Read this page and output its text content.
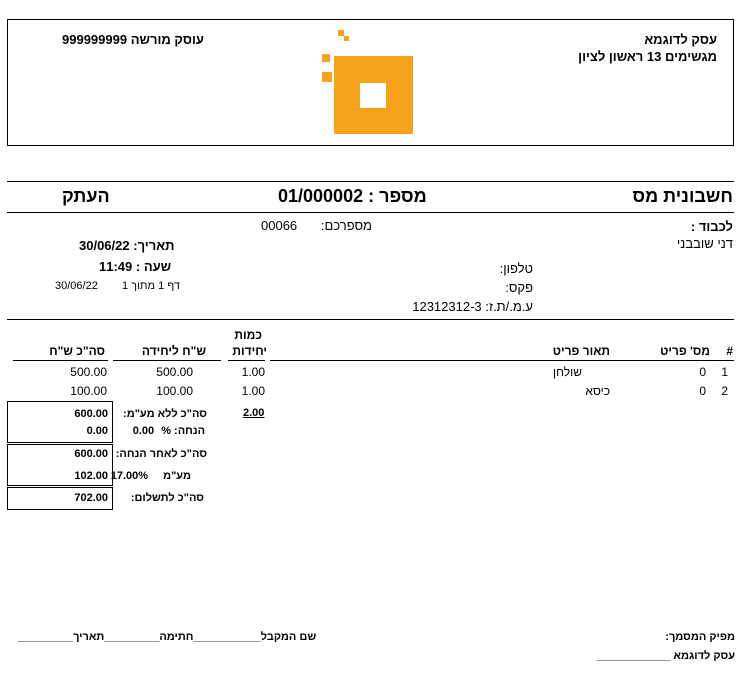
עסק לדוגמא
מגשימים 13 ראשון לציון
עוסק מורשה 999999999
חשבונית מס
מספר : 01/000002
העתק
לכבוד :
דני שובבני
מספרכם:
00066
טלפון:
פקס:
ע.מ./ת.ז: 12312312-3
תאריך: 30/06/22
שעה : 11:49
דף 1 מתוך 1
30/06/22
#
מס' פריט
תאור פריט
כמות
יחידות
ש"ח ליחידה
סה"כ ש"ח
1
0
שולחן
1.00
500.00
500.00
2
0
כיסא
1.00
100.00
100.00
2.00
600.00 סה"כ ללא מע"מ:
0.00	הנחה: % 0.00
600.00 סה"כ לאחר הנחה:
102.00	מע"מ 17.00%
702.00 סה"כ לתשלום:
מפיק המסמך:
עסק לדוגמא ____________
שם המקבל___________חתימה_________תאריך_________
